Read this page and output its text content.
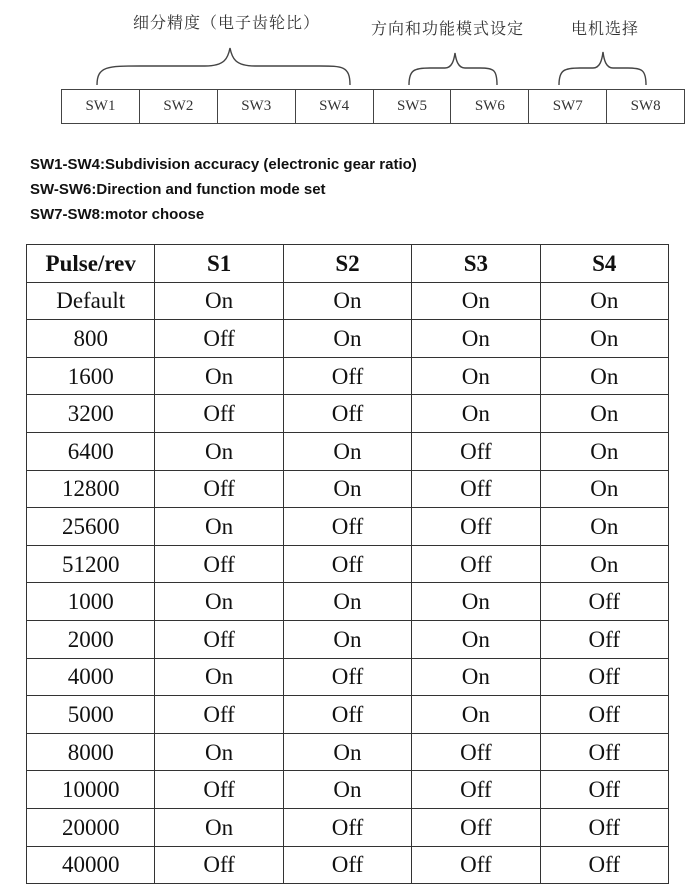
细分精度（电子齿轮比）	方向和功能模式设定	电机选择
SW1	SW2	SW3	SW4	SW5	SW6	SW7	SW8
SW1-SW4:Subdivision accuracy (electronic gear ratio)
SW-SW6:Direction and function mode set
SW7-SW8:motor choose
Pulse/rev	S1	S2	S3	S4
Default	On	On	On	On
800	Off	On	On	On
1600	On	Off	On	On
3200	Off	Off	On	On
6400	On	On	Off	On
12800	Off	On	Off	On
25600	On	Off	Off	On
51200	Off	Off	Off	On
1000	On	On	On	Off
2000	Off	On	On	Off
4000	On	Off	On	Off
5000	Off	Off	On	Off
8000	On	On	Off	Off
10000	Off	On	Off	Off
20000	On	Off	Off	Off
40000	Off	Off	Off	Off
